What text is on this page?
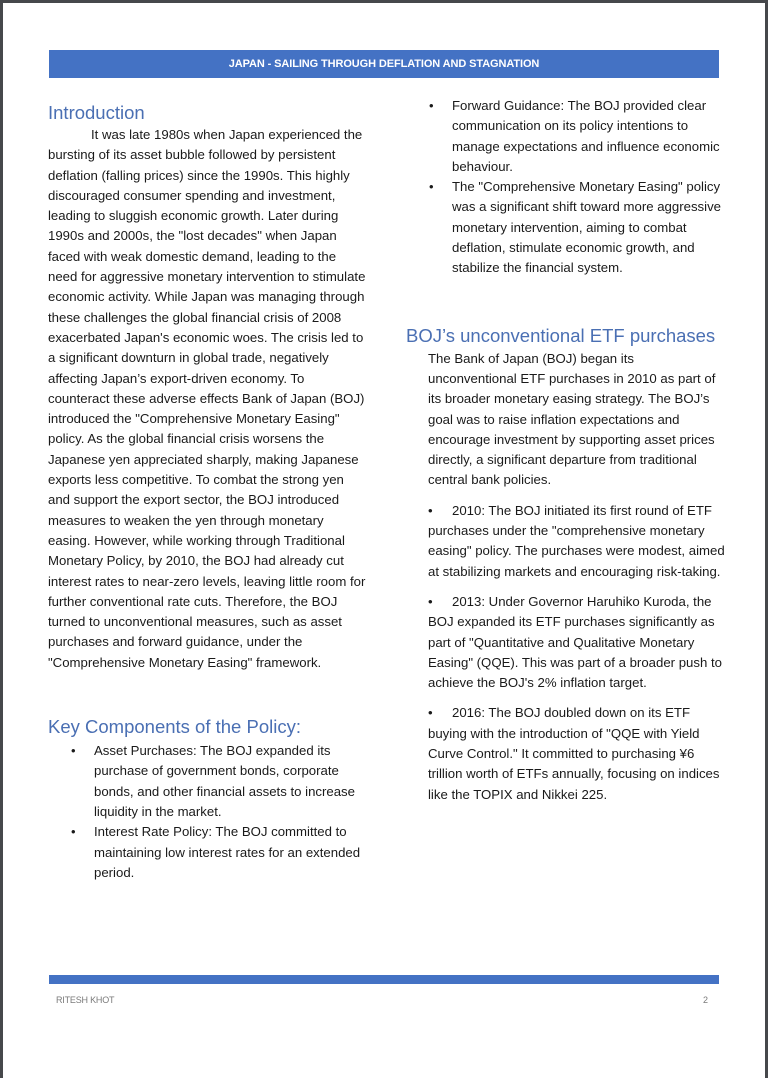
JAPAN - SAILING THROUGH DEFLATION AND STAGNATION
Introduction

It was late 1980s when Japan experienced the bursting of its asset bubble followed by persistent deflation (falling prices) since the 1990s. This highly discouraged consumer spending and investment, leading to sluggish economic growth. Later during 1990s and 2000s, the "lost decades" when Japan faced with weak domestic demand, leading to the need for aggressive monetary intervention to stimulate economic activity. While Japan was managing through these challenges the global financial crisis of 2008 exacerbated Japan's economic woes. The crisis led to a significant downturn in global trade, negatively affecting Japan’s export-driven economy. To counteract these adverse effects Bank of Japan (BOJ) introduced the "Comprehensive Monetary Easing" policy. As the global financial crisis worsens the Japanese yen appreciated sharply, making Japanese exports less competitive. To combat the strong yen and support the export sector, the BOJ introduced measures to weaken the yen through monetary easing. However, while working through Traditional Monetary Policy, by 2010, the BOJ had already cut interest rates to near-zero levels, leaving little room for further conventional rate cuts. Therefore, the BOJ turned to unconventional measures, such as asset purchases and forward guidance, under the "Comprehensive Monetary Easing" framework.

Key Components of the Policy:
• Asset Purchases: The BOJ expanded its purchase of government bonds, corporate bonds, and other financial assets to increase liquidity in the market.
• Interest Rate Policy: The BOJ committed to maintaining low interest rates for an extended period.
• Forward Guidance: The BOJ provided clear communication on its policy intentions to manage expectations and influence economic behaviour.
• The "Comprehensive Monetary Easing" policy was a significant shift toward more aggressive monetary intervention, aiming to combat deflation, stimulate economic growth, and stabilize the financial system.
BOJ’s unconventional ETF purchases

The Bank of Japan (BOJ) began its unconventional ETF purchases in 2010 as part of its broader monetary easing strategy. The BOJ’s goal was to raise inflation expectations and encourage investment by supporting asset prices directly, a significant departure from traditional central bank policies.

• 2010: The BOJ initiated its first round of ETF purchases under the "comprehensive monetary easing" policy. The purchases were modest, aimed at stabilizing markets and encouraging risk-taking.

• 2013: Under Governor Haruhiko Kuroda, the BOJ expanded its ETF purchases significantly as part of "Quantitative and Qualitative Monetary Easing" (QQE). This was part of a broader push to achieve the BOJ's 2% inflation target.

• 2016: The BOJ doubled down on its ETF buying with the introduction of "QQE with Yield Curve Control." It committed to purchasing ¥6 trillion worth of ETFs annually, focusing on indices like the TOPIX and Nikkei 225.

RITESH KHOT	2
